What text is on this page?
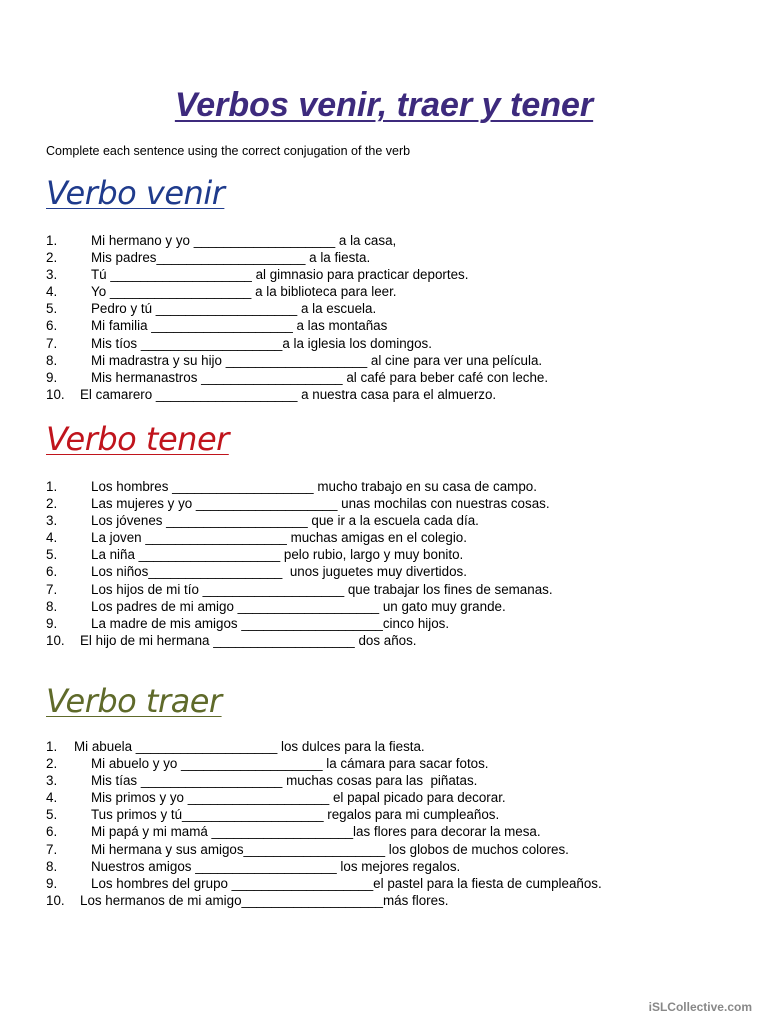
Verbos venir, traer y tener

Complete each sentence using the correct conjugation of the verb

Verbo venir
1.	Mi hermano y yo ___________________ a la casa,
2.	Mis padres____________________ a la fiesta.
3.	Tú ___________________ al gimnasio para practicar deportes.
4.	Yo ___________________ a la biblioteca para leer.
5.	Pedro y tú ___________________ a la escuela.
6.	Mi familia ___________________ a las montañas
7.	Mis tíos ___________________a la iglesia los domingos.
8.	Mi madrastra y su hijo ___________________ al cine para ver una película.
9.	Mis hermanastros ___________________ al café para beber café con leche.
10. El camarero ___________________ a nuestra casa para el almuerzo.
Verbo tener
1.	Los hombres ___________________ mucho trabajo en su casa de campo.
2.	Las mujeres y yo ___________________ unas mochilas con nuestras cosas.
3.	Los jóvenes ___________________ que ir a la escuela cada día.
4.	La joven ___________________ muchas amigas en el colegio.
5.	La niña ___________________ pelo rubio, largo y muy bonito.
6.	Los niños__________________  unos juguetes muy divertidos.
7.	Los hijos de mi tío ___________________ que trabajar los fines de semanas.
8.	Los padres de mi amigo ___________________ un gato muy grande.
9.	La madre de mis amigos ___________________cinco hijos.
10. El hijo de mi hermana ___________________ dos años.
Verbo traer
1. Mi abuela ___________________ los dulces para la fiesta.
2.	Mi abuelo y yo ___________________ la cámara para sacar fotos.
3.	Mis tías ___________________ muchas cosas para las  piñatas.
4.	Mis primos y yo ___________________ el papal picado para decorar.
5.	Tus primos y tú___________________ regalos para mi cumpleaños.
6.	Mi papá y mi mamá ___________________las flores para decorar la mesa.
7.	Mi hermana y sus amigos___________________ los globos de muchos colores.
8.	Nuestros amigos ___________________ los mejores regalos.
9.	Los hombres del grupo ___________________el pastel para la fiesta de cumpleaños.
10. Los hermanos de mi amigo___________________más flores.
iSLCollective.com
